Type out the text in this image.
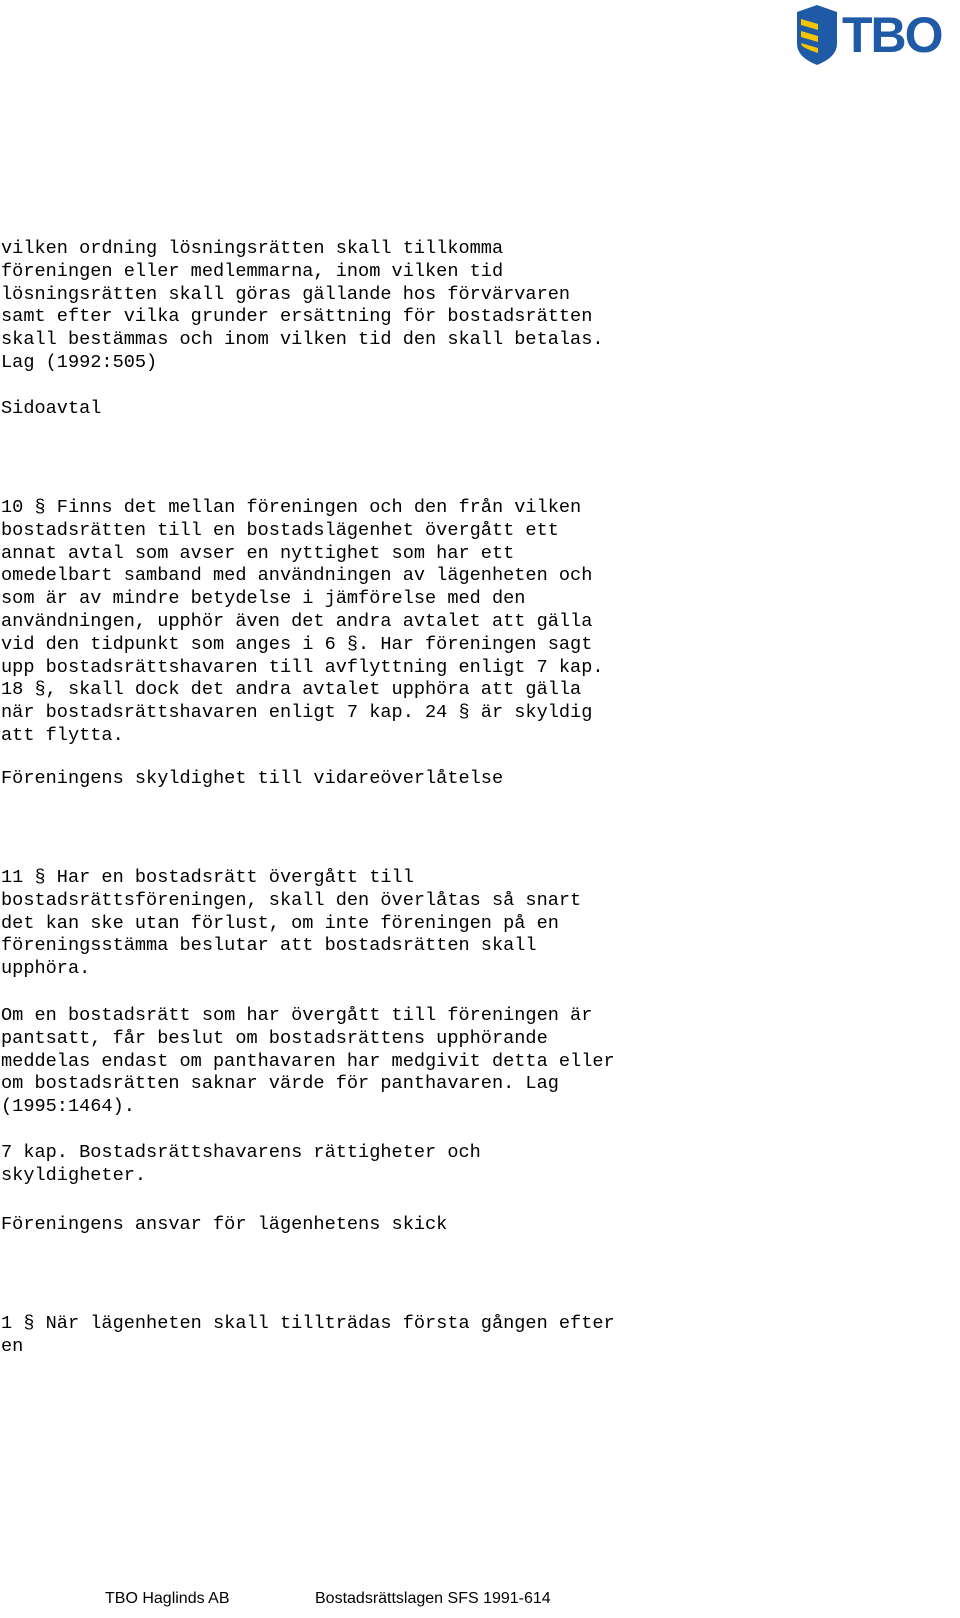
TBO

vilken ordning lösningsrätten skall tillkomma
föreningen eller medlemmarna, inom vilken tid
lösningsrätten skall göras gällande hos förvärvaren
samt efter vilka grunder ersättning för bostadsrätten
skall bestämmas och inom vilken tid den skall betalas.
Lag (1992:505)

Sidoavtal

10 § Finns det mellan föreningen och den från vilken
bostadsrätten till en bostadslägenhet övergått ett
annat avtal som avser en nyttighet som har ett
omedelbart samband med användningen av lägenheten och
som är av mindre betydelse i jämförelse med den
användningen, upphör även det andra avtalet att gälla
vid den tidpunkt som anges i 6 §. Har föreningen sagt
upp bostadsrättshavaren till avflyttning enligt 7 kap.
18 §, skall dock det andra avtalet upphöra att gälla
när bostadsrättshavaren enligt 7 kap. 24 § är skyldig
att flytta.

Föreningens skyldighet till vidareöverlåtelse

11 § Har en bostadsrätt övergått till
bostadsrättsföreningen, skall den överlåtas så snart
det kan ske utan förlust, om inte föreningen på en
föreningsstämma beslutar att bostadsrätten skall
upphöra.

Om en bostadsrätt som har övergått till föreningen är
pantsatt, får beslut om bostadsrättens upphörande
meddelas endast om panthavaren har medgivit detta eller
om bostadsrätten saknar värde för panthavaren. Lag
(1995:1464).

7 kap. Bostadsrättshavarens rättigheter och
skyldigheter.

Föreningens ansvar för lägenhetens skick

1 § När lägenheten skall tillträdas första gången efter
en

TBO Haglinds AB	Bostadsrättslagen SFS 1991-614
